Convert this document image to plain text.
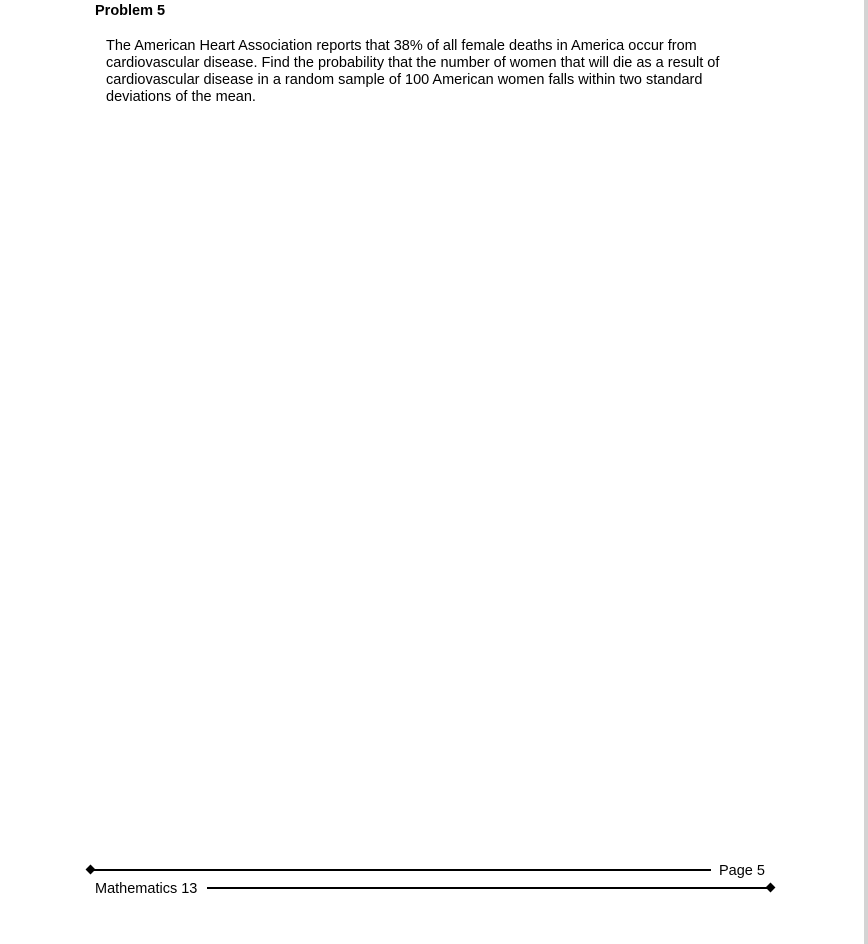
Problem 5

The American Heart Association reports that 38% of all female deaths in America occur from cardiovascular disease. Find the probability that the number of women that will die as a result of cardiovascular disease in a random sample of 100 American women falls within two standard deviations of the mean.

Page 5
Mathematics 13
